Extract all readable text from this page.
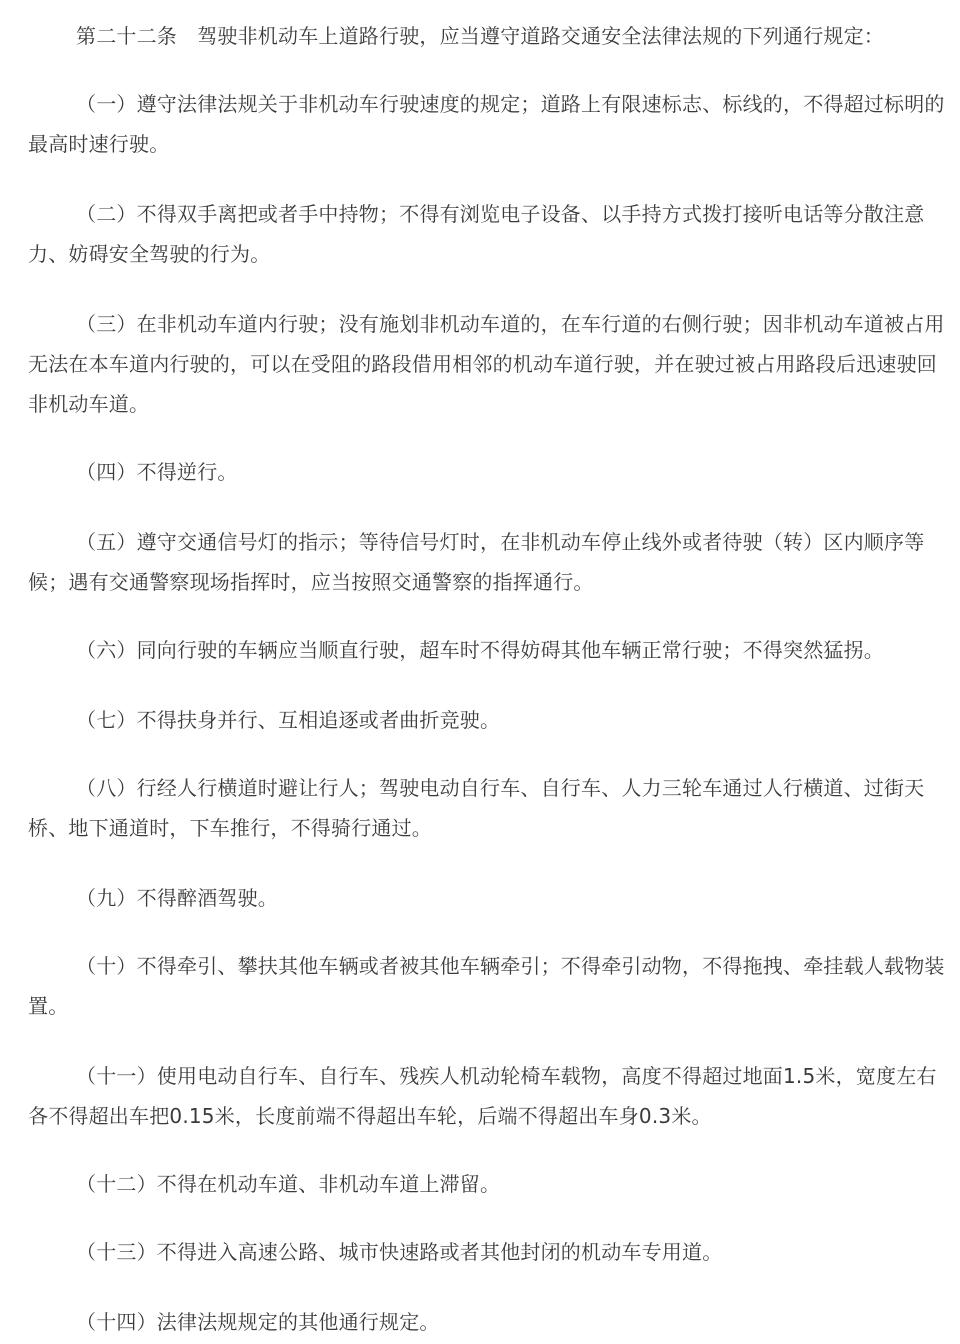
第二十二条　驾驶非机动车上道路行驶，应当遵守道路交通安全法律法规的下列通行规定：

（一）遵守法律法规关于非机动车行驶速度的规定；道路上有限速标志、标线的，不得超过标明的最高时速行驶。

（二）不得双手离把或者手中持物；不得有浏览电子设备、以手持方式拨打接听电话等分散注意力、妨碍安全驾驶的行为。

（三）在非机动车道内行驶；没有施划非机动车道的，在车行道的右侧行驶；因非机动车道被占用无法在本车道内行驶的，可以在受阻的路段借用相邻的机动车道行驶，并在驶过被占用路段后迅速驶回非机动车道。

（四）不得逆行。

（五）遵守交通信号灯的指示；等待信号灯时，在非机动车停止线外或者待驶（转）区内顺序等候；遇有交通警察现场指挥时，应当按照交通警察的指挥通行。

（六）同向行驶的车辆应当顺直行驶，超车时不得妨碍其他车辆正常行驶；不得突然猛拐。

（七）不得扶身并行、互相追逐或者曲折竞驶。

（八）行经人行横道时避让行人；驾驶电动自行车、自行车、人力三轮车通过人行横道、过街天桥、地下通道时，下车推行，不得骑行通过。

（九）不得醉酒驾驶。

（十）不得牵引、攀扶其他车辆或者被其他车辆牵引；不得牵引动物，不得拖拽、牵挂载人载物装置。

（十一）使用电动自行车、自行车、残疾人机动轮椅车载物，高度不得超过地面1.5米，宽度左右各不得超出车把0.15米，长度前端不得超出车轮，后端不得超出车身0.3米。

（十二）不得在机动车道、非机动车道上滞留。

（十三）不得进入高速公路、城市快速路或者其他封闭的机动车专用道。

（十四）法律法规规定的其他通行规定。
